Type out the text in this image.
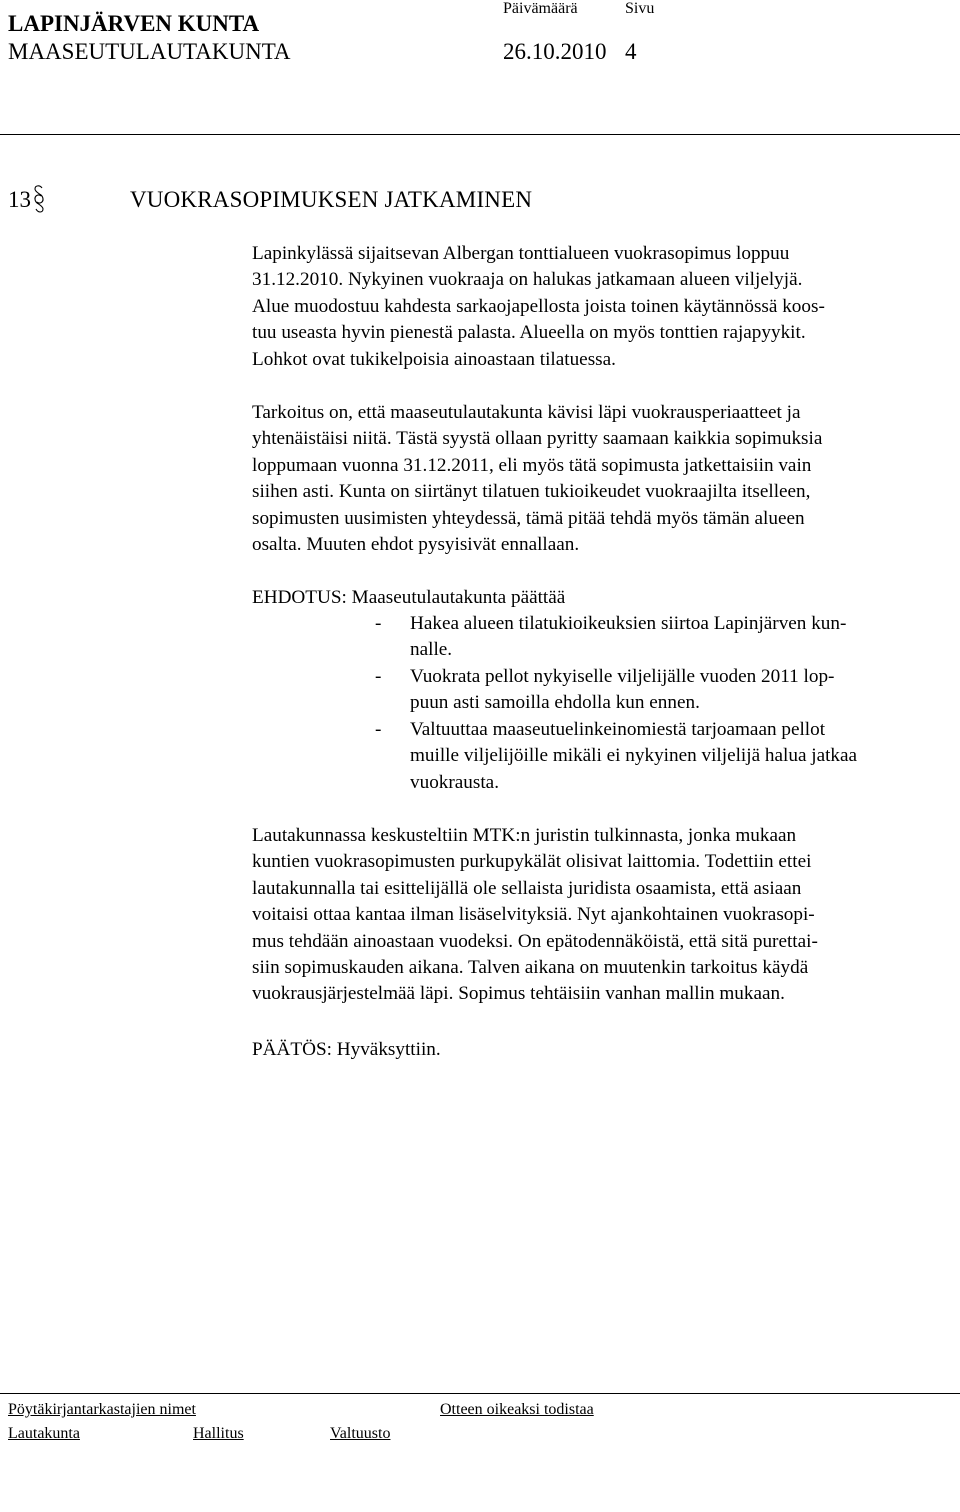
LAPINJÄRVEN KUNTA
MAASEUTULAUTAKUNTA
Päivämäärä	Sivu
26.10.2010 4
13	VUOKRASOPIMUKSEN JATKAMINEN
Lapinkylässä sijaitsevan Albergan tonttialueen vuokrasopimus loppuu
31.12.2010. Nykyinen vuokraaja on halukas jatkamaan alueen viljelyjä.
Alue muodostuu kahdesta sarkaojapellosta joista toinen käytännössä koos-
tuu useasta hyvin pienestä palasta. Alueella on myös tonttien rajapyykit.
Lohkot ovat tukikelpoisia ainoastaan tilatuessa.
Tarkoitus on, että maaseutulautakunta kävisi läpi vuokrausperiaatteet ja
yhtenäistäisi niitä. Tästä syystä ollaan pyritty saamaan kaikkia sopimuksia
loppumaan vuonna 31.12.2011, eli myös tätä sopimusta jatkettaisiin vain
siihen asti. Kunta on siirtänyt tilatuen tukioikeudet vuokraajilta itselleen,
sopimusten uusimisten yhteydessä, tämä pitää tehdä myös tämän alueen
osalta. Muuten ehdot pysyisivät ennallaan.
EHDOTUS: Maaseutulautakunta päättää
- Hakea alueen tilatukioikeuksien siirtoa Lapinjärven kun-
nalle.
- Vuokrata pellot nykyiselle viljelijälle vuoden 2011 lop-
puun asti samoilla ehdolla kun ennen.
- Valtuuttaa maaseutuelinkeinomiestä tarjoamaan pellot
muille viljelijöille mikäli ei nykyinen viljelijä halua jatkaa
vuokrausta.
Lautakunnassa keskusteltiin MTK:n juristin tulkinnasta, jonka mukaan
kuntien vuokrasopimusten purkupykälät olisivat laittomia. Todettiin ettei
lautakunnalla tai esittelijällä ole sellaista juridista osaamista, että asiaan
voitaisi ottaa kantaa ilman lisäselvityksiä. Nyt ajankohtainen vuokrasopi-
mus tehdään ainoastaan vuodeksi. On epätodennäköistä, että sitä purettai-
siin sopimuskauden aikana. Talven aikana on muutenkin tarkoitus käydä
vuokrausjärjestelmää läpi. Sopimus tehtäisiin vanhan mallin mukaan.
PÄÄTÖS: Hyväksyttiin.
Pöytäkirjantarkastajien nimet	Otteen oikeaksi todistaa
Lautakunta	Hallitus	Valtuusto
